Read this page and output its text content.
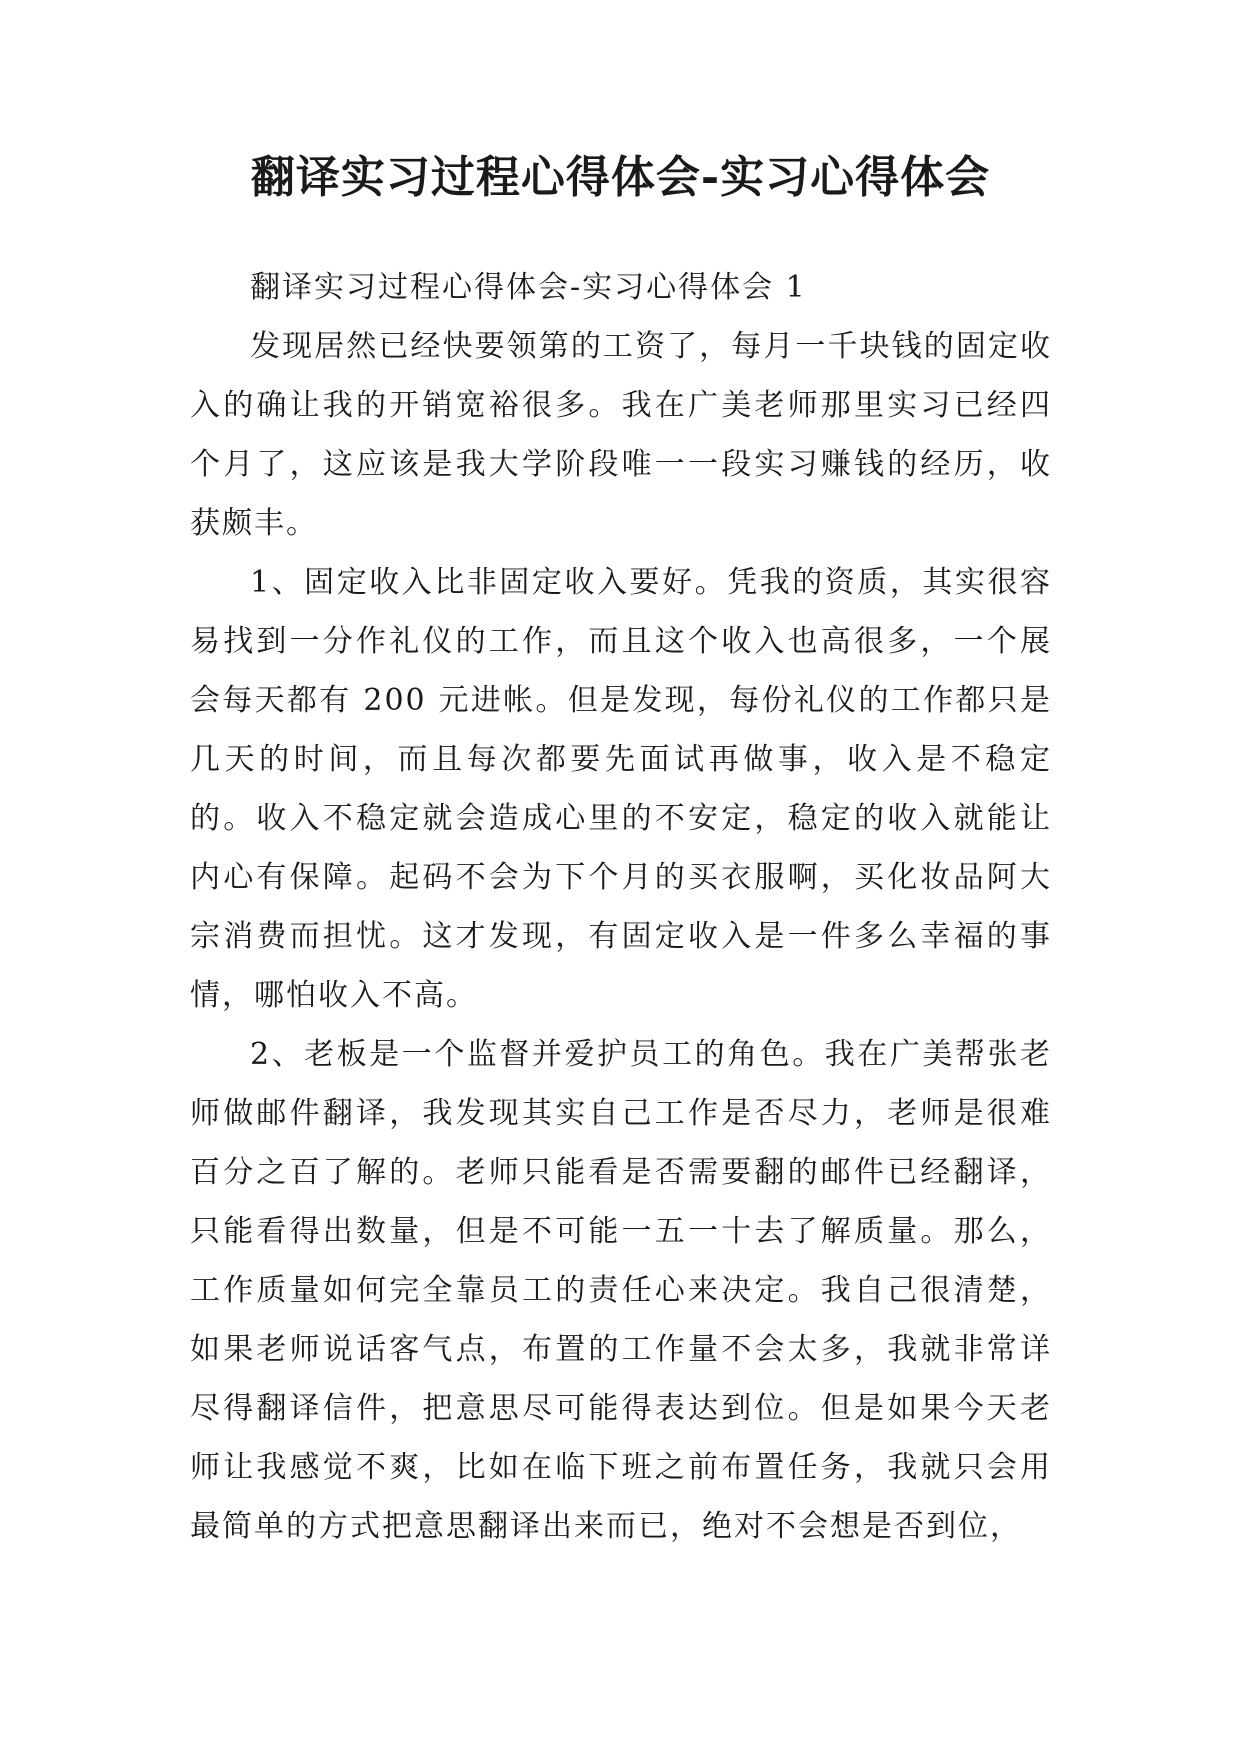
翻译实习过程心得体会-实习心得体会

翻译实习过程心得体会-实习心得体会 1

发现居然已经快要领第的工资了，每月一千块钱的固定收入的确让我的开销宽裕很多。我在广美老师那里实习已经四个月了，这应该是我大学阶段唯一一段实习赚钱的经历，收获颇丰。

1、固定收入比非固定收入要好。凭我的资质，其实很容易找到一分作礼仪的工作，而且这个收入也高很多，一个展会每天都有 200 元进帐。但是发现，每份礼仪的工作都只是几天的时间，而且每次都要先面试再做事，收入是不稳定的。收入不稳定就会造成心里的不安定，稳定的收入就能让内心有保障。起码不会为下个月的买衣服啊，买化妆品阿大宗消费而担忧。这才发现，有固定收入是一件多么幸福的事情，哪怕收入不高。

2、老板是一个监督并爱护员工的角色。我在广美帮张老师做邮件翻译，我发现其实自己工作是否尽力，老师是很难百分之百了解的。老师只能看是否需要翻的邮件已经翻译，只能看得出数量，但是不可能一五一十去了解质量。那么，工作质量如何完全靠员工的责任心来决定。我自己很清楚，如果老师说话客气点，布置的工作量不会太多，我就非常详尽得翻译信件，把意思尽可能得表达到位。但是如果今天老师让我感觉不爽，比如在临下班之前布置任务，我就只会用最简单的方式把意思翻译出来而已，绝对不会想是否到位，
